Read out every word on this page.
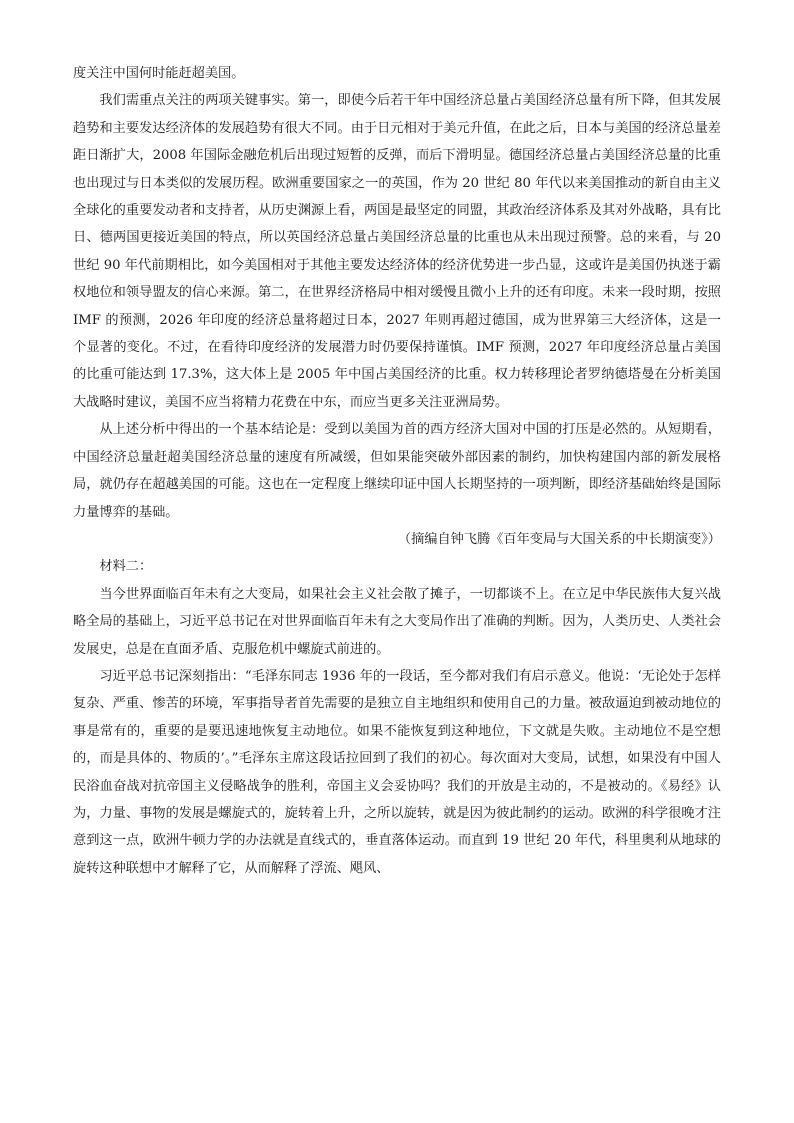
度关注中国何时能赶超美国。

我们需重点关注的两项关键事实。第一，即使今后若干年中国经济总量占美国经济总量有所下降，但其发展趋势和主要发达经济体的发展趋势有很大不同。由于日元相对于美元升值，在此之后，日本与美国的经济总量差距日渐扩大，2008 年国际金融危机后出现过短暂的反弹，而后下滑明显。德国经济总量占美国经济总量的比重也出现过与日本类似的发展历程。欧洲重要国家之一的英国，作为 20 世纪 80 年代以来美国推动的新自由主义全球化的重要发动者和支持者，从历史渊源上看，两国是最坚定的同盟，其政治经济体系及其对外战略，具有比日、德两国更接近美国的特点，所以英国经济总量占美国经济总量的比重也从未出现过预警。总的来看，与 20 世纪 90 年代前期相比，如今美国相对于其他主要发达经济体的经济优势进一步凸显，这或许是美国仍执迷于霸权地位和领导盟友的信心来源。第二，在世界经济格局中相对缓慢且微小上升的还有印度。未来一段时期，按照 IMF 的预测，2026 年印度的经济总量将超过日本，2027 年则再超过德国，成为世界第三大经济体，这是一个显著的变化。不过，在看待印度经济的发展潜力时仍要保持谨慎。IMF 预测，2027 年印度经济总量占美国的比重可能达到 17.3%，这大体上是 2005 年中国占美国经济的比重。权力转移理论者罗纳德塔曼在分析美国大战略时建议，美国不应当将精力花费在中东，而应当更多关注亚洲局势。

从上述分析中得出的一个基本结论是：受到以美国为首的西方经济大国对中国的打压是必然的。从短期看，中国经济总量赶超美国经济总量的速度有所减缓，但如果能突破外部因素的制约，加快构建国内部的新发展格局，就仍存在超越美国的可能。这也在一定程度上继续印证中国人长期坚持的一项判断，即经济基础始终是国际力量博弈的基础。

（摘编自钟飞腾《百年变局与大国关系的中长期演变》）

材料二：

当今世界面临百年未有之大变局，如果社会主义社会散了摊子，一切都谈不上。在立足中华民族伟大复兴战略全局的基础上，习近平总书记在对世界面临百年未有之大变局作出了准确的判断。因为，人类历史、人类社会发展史，总是在直面矛盾、克服危机中螺旋式前进的。

习近平总书记深刻指出：“毛泽东同志 1936 年的一段话，至今都对我们有启示意义。他说：‘无论处于怎样复杂、严重、惨苦的环境，军事指导者首先需要的是独立自主地组织和使用自己的力量。被敌逼迫到被动地位的事是常有的，重要的是要迅速地恢复主动地位。如果不能恢复到这种地位，下文就是失败。主动地位不是空想的，而是具体的、物质的’。”毛泽东主席这段话拉回到了我们的初心。每次面对大变局，试想，如果没有中国人民浴血奋战对抗帝国主义侵略战争的胜利，帝国主义会妥协吗？我们的开放是主动的，不是被动的。《易经》认为，力量、事物的发展是螺旋式的，旋转着上升，之所以旋转，就是因为彼此制约的运动。欧洲的科学很晚才注意到这一点，欧洲牛顿力学的办法就是直线式的，垂直落体运动。而直到 19 世纪 20 年代，科里奥利从地球的旋转这种联想中才解释了它，从而解释了浮流、飓风、
